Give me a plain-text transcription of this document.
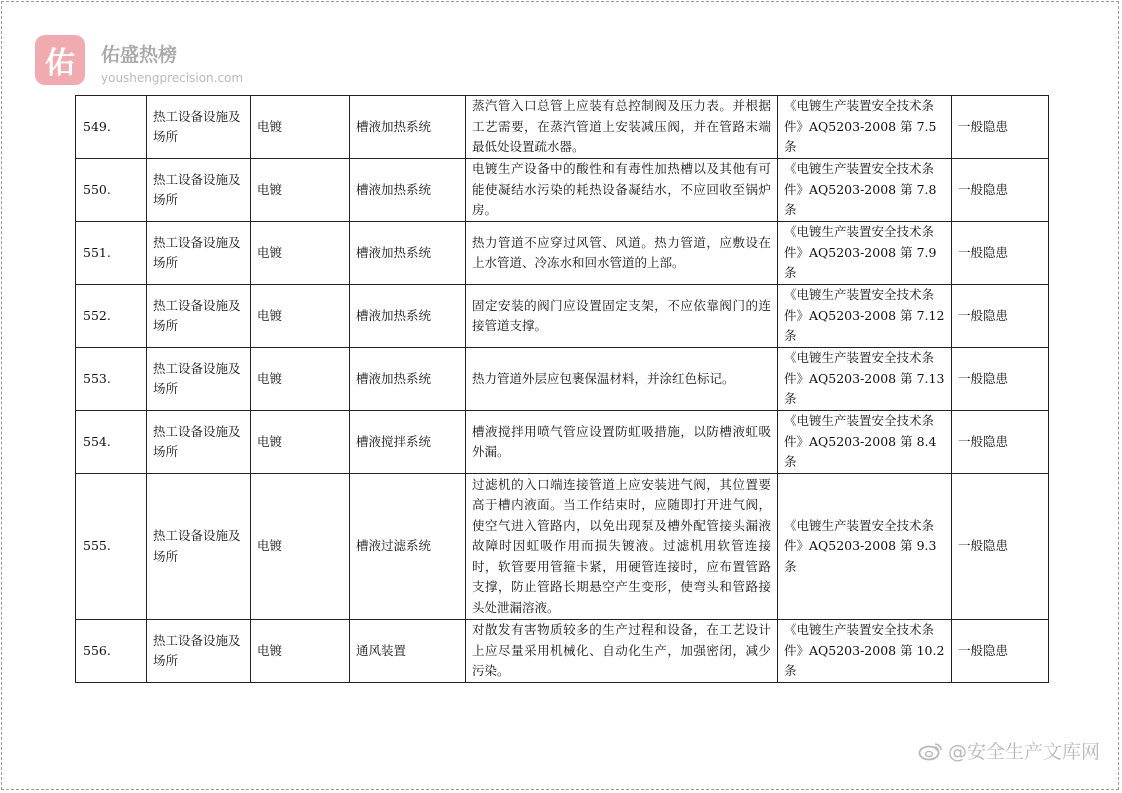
佑 佑盛热榜
youshengprecision.com
549.	热工设备设施及场所	电镀	槽液加热系统	蒸汽管入口总管上应装有总控制阀及压力表。并根据工艺需要，在蒸汽管道上安装减压阀，并在管路末端最低处设置疏水器。	《电镀生产装置安全技术条件》AQ5203-2008 第 7.5 条	一般隐患
550.	热工设备设施及场所	电镀	槽液加热系统	电镀生产设备中的酸性和有毒性加热槽以及其他有可能使凝结水污染的耗热设备凝结水，不应回收至锅炉房。	《电镀生产装置安全技术条件》AQ5203-2008 第 7.8 条	一般隐患
551.	热工设备设施及场所	电镀	槽液加热系统	热力管道不应穿过风管、风道。热力管道，应敷设在上水管道、冷冻水和回水管道的上部。	《电镀生产装置安全技术条件》AQ5203-2008 第 7.9 条	一般隐患
552.	热工设备设施及场所	电镀	槽液加热系统	固定安装的阀门应设置固定支架，不应依靠阀门的连接管道支撑。	《电镀生产装置安全技术条件》AQ5203-2008 第 7.12 条	一般隐患
553.	热工设备设施及场所	电镀	槽液加热系统	热力管道外层应包裹保温材料，并涂红色标记。	《电镀生产装置安全技术条件》AQ5203-2008 第 7.13 条	一般隐患
554.	热工设备设施及场所	电镀	槽液搅拌系统	槽液搅拌用喷气管应设置防虹吸措施，以防槽液虹吸外漏。	《电镀生产装置安全技术条件》AQ5203-2008 第 8.4 条	一般隐患
555.	热工设备设施及场所	电镀	槽液过滤系统	过滤机的入口端连接管道上应安装进气阀，其位置要高于槽内液面。当工作结束时，应随即打开进气阀，使空气进入管路内，以免出现泵及槽外配管接头漏液故障时因虹吸作用而损失镀液。过滤机用软管连接时，软管要用管箍卡紧，用硬管连接时，应布置管路支撑，防止管路长期悬空产生变形，使弯头和管路接头处泄漏溶液。	《电镀生产装置安全技术条件》AQ5203-2008 第 9.3 条	一般隐患
556.	热工设备设施及场所	电镀	通风装置	对散发有害物质较多的生产过程和设备，在工艺设计上应尽量采用机械化、自动化生产，加强密闭，减少污染。	《电镀生产装置安全技术条件》AQ5203-2008 第 10.2 条	一般隐患
@安全生产文库网
